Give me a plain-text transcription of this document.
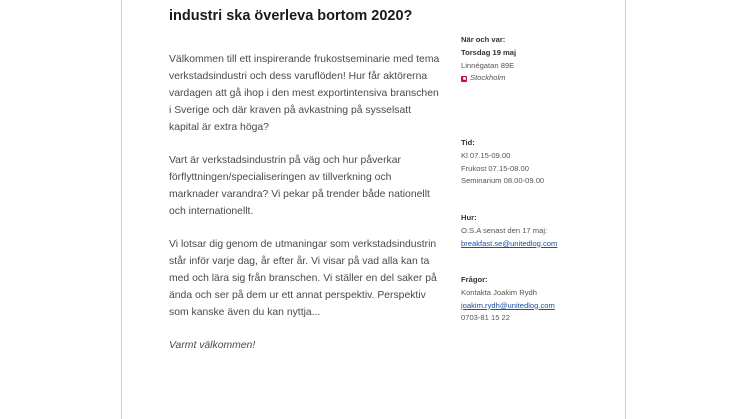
industri ska överleva bortom 2020?

Välkommen till ett inspirerande frukostseminarie med tema verkstadsindustri och dess varuflöden! Hur får aktörerna vardagen att gå ihop i den mest exportintensiva branschen i Sverige och där kraven på avkastning på sysselsatt kapital är extra höga?

Vart är verkstadsindustrin på väg och hur påverkar förflyttningen/specialiseringen av tillverkning och marknader varandra? Vi pekar på trender både nationellt och internationellt.

Vi lotsar dig genom de utmaningar som verkstadsindustrin står inför varje dag, år efter år. Vi visar på vad alla kan ta med och lära sig från branschen. Vi ställer en del saker på ända och ser på dem ur ett annat perspektiv. Perspektiv som kanske även du kan nyttja...

Varmt välkommen!

När och var:
Torsdag 19 maj
Linnégatan 89E
Stockholm
Tid:
Kl 07.15-09.00
Frukost 07.15-08.00
Seminarium 08.00-09.00
Hur:
O.S.A senast den 17 maj:
breakfast.se@unitedlog.com
Frågor:
Kontakta Joakim Rydh
joakim.rydh@unitedlog.com
0703-81 15 22
